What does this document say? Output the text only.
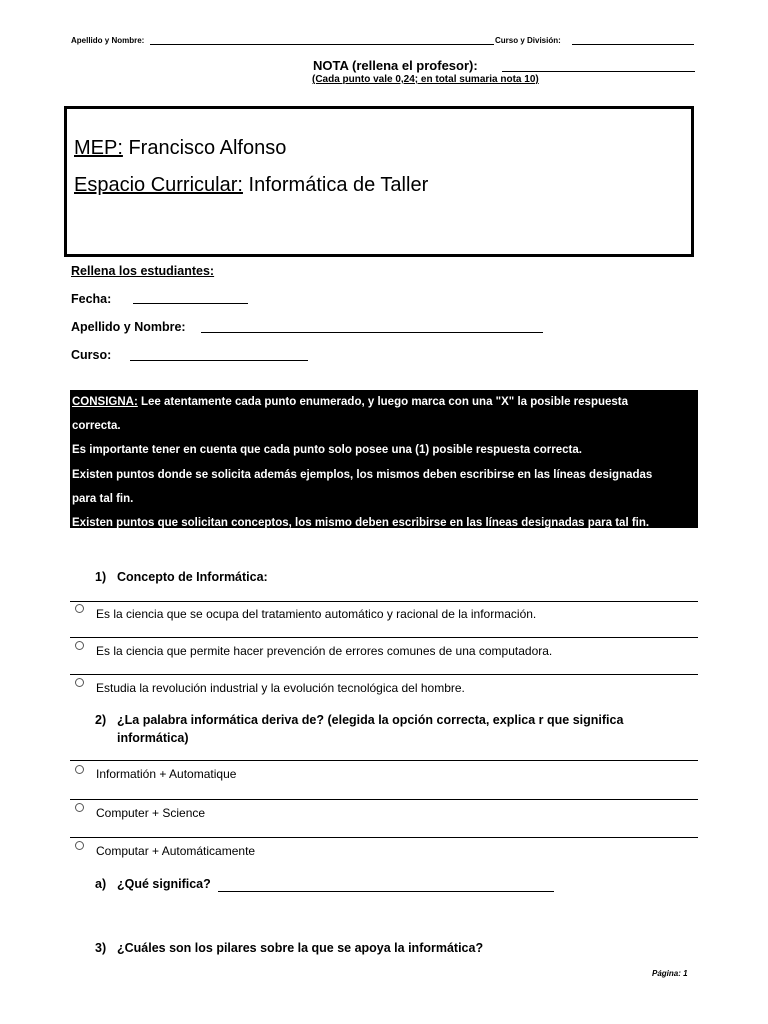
Apellido y Nombre:	Curso y División:
NOTA (rellena el profesor):
(Cada punto vale 0,24; en total sumaria nota 10)
MEP: Francisco Alfonso
Espacio Curricular: Informática de Taller
Rellena los estudiantes:
Fecha:
Apellido y Nombre:
Curso:
CONSIGNA: Lee atentamente cada punto enumerado, y luego marca con una "X" la posible respuesta
correcta.
Es importante tener en cuenta que cada punto solo posee una (1) posible respuesta correcta.
Existen puntos donde se solicita además ejemplos, los mismos deben escribirse en las líneas designadas
para tal fin.
Existen puntos que solicitan conceptos, los mismo deben escribirse en las líneas designadas para tal fin.
1) Concepto de Informática:
Es la ciencia que se ocupa del tratamiento automático y racional de la información.
Es la ciencia que permite hacer prevención de errores comunes de una computadora.
Estudia la revolución industrial y la evolución tecnológica del hombre.
2) ¿La palabra informática deriva de? (elegida la opción correcta, explica r que significa
informática)
Informatión + Automatique
Computer + Science
Computar + Automáticamente
a) ¿Qué significa?
3) ¿Cuáles son los pilares sobre la que se apoya la informática?
Página: 1
